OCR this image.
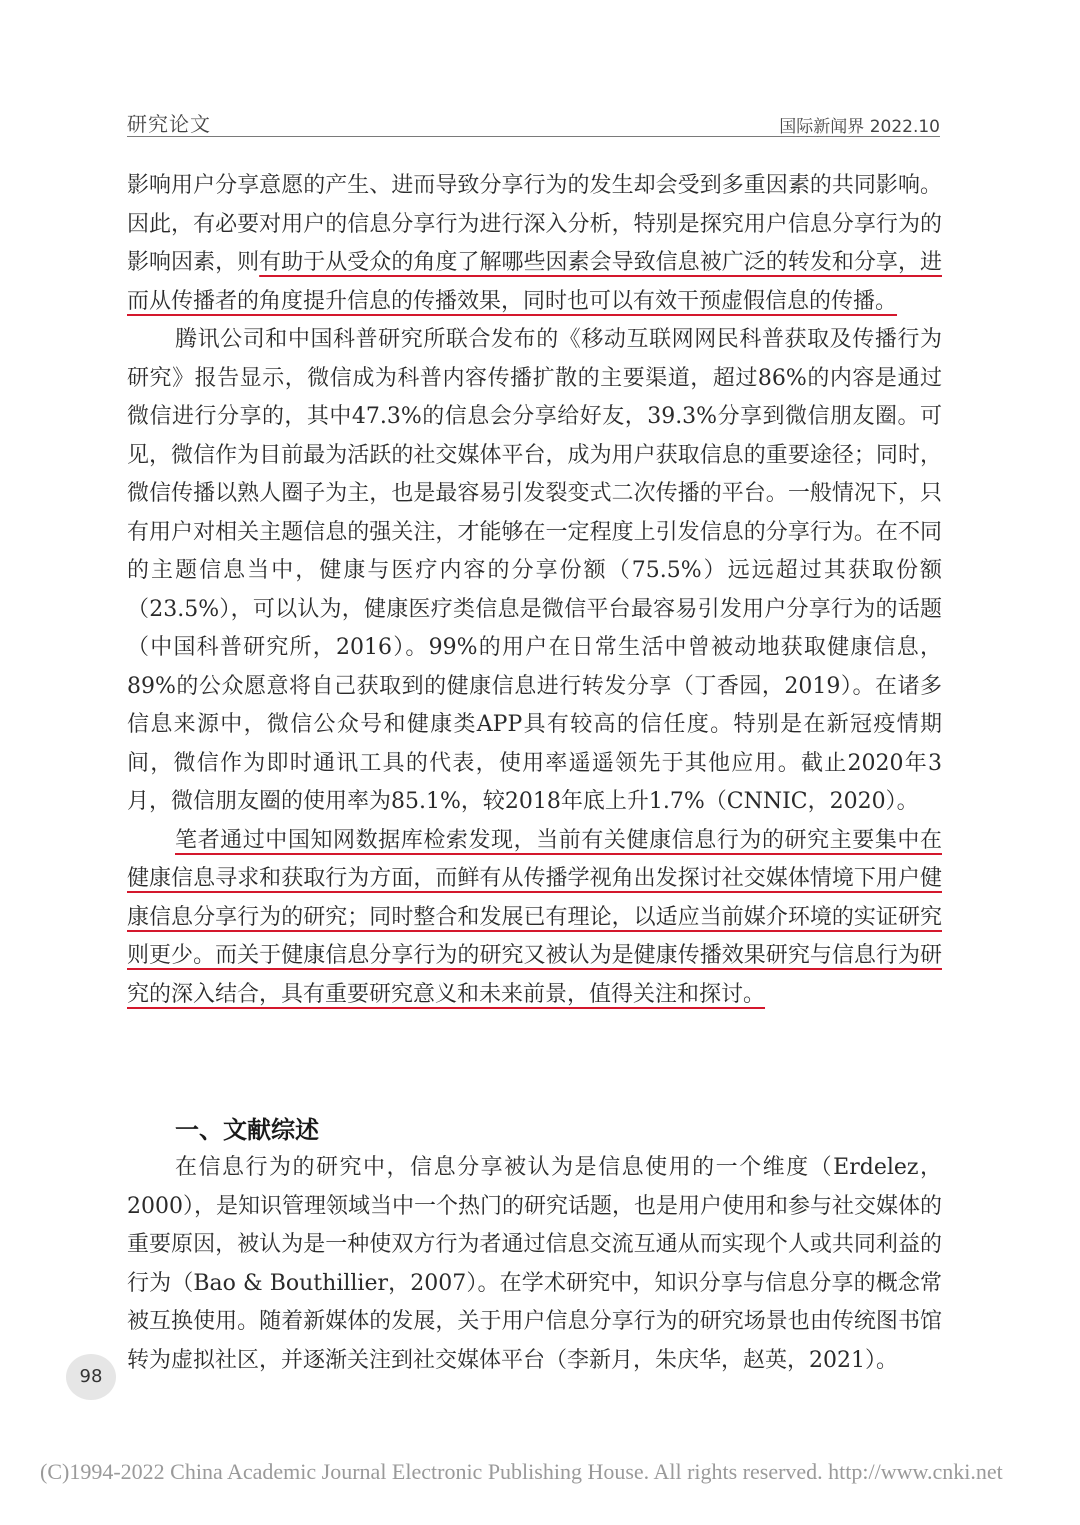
研究论文	国际新闻界 2022.10

影响用户分享意愿的产生、进而导致分享行为的发生却会受到多重因素的共同影响。因此，有必要对用户的信息分享行为进行深入分析，特别是探究用户信息分享行为的影响因素，则有助于从受众的角度了解哪些因素会导致信息被广泛的转发和分享，进而从传播者的角度提升信息的传播效果，同时也可以有效干预虚假信息的传播。

腾讯公司和中国科普研究所联合发布的《移动互联网网民科普获取及传播行为研究》报告显示，微信成为科普内容传播扩散的主要渠道，超过86%的内容是通过微信进行分享的，其中47.3%的信息会分享给好友，39.3%分享到微信朋友圈。可见，微信作为目前最为活跃的社交媒体平台，成为用户获取信息的重要途径；同时，微信传播以熟人圈子为主，也是最容易引发裂变式二次传播的平台。一般情况下，只有用户对相关主题信息的强关注，才能够在一定程度上引发信息的分享行为。在不同的主题信息当中，健康与医疗内容的分享份额（75.5%）远远超过其获取份额（23.5%），可以认为，健康医疗类信息是微信平台最容易引发用户分享行为的话题（中国科普研究所，2016）。99%的用户在日常生活中曾被动地获取健康信息，89%的公众愿意将自己获取到的健康信息进行转发分享（丁香园，2019）。在诸多信息来源中，微信公众号和健康类APP具有较高的信任度。特别是在新冠疫情期间，微信作为即时通讯工具的代表，使用率遥遥领先于其他应用。截止2020年3月，微信朋友圈的使用率为85.1%，较2018年底上升1.7%（CNNIC，2020）。

笔者通过中国知网数据库检索发现，当前有关健康信息行为的研究主要集中在健康信息寻求和获取行为方面，而鲜有从传播学视角出发探讨社交媒体情境下用户健康信息分享行为的研究；同时整合和发展已有理论，以适应当前媒介环境的实证研究则更少。而关于健康信息分享行为的研究又被认为是健康传播效果研究与信息行为研究的深入结合，具有重要研究意义和未来前景，值得关注和探讨。

一、文献综述

在信息行为的研究中，信息分享被认为是信息使用的一个维度（Erdelez，2000），是知识管理领域当中一个热门的研究话题，也是用户使用和参与社交媒体的重要原因，被认为是一种使双方行为者通过信息交流互通从而实现个人或共同利益的行为（Bao & Bouthillier，2007）。在学术研究中，知识分享与信息分享的概念常被互换使用。随着新媒体的发展，关于用户信息分享行为的研究场景也由传统图书馆转为虚拟社区，并逐渐关注到社交媒体平台（李新月，朱庆华，赵英，2021）。

98
(C)1994-2022 China Academic Journal Electronic Publishing House. All rights reserved. http://www.cnki.net
